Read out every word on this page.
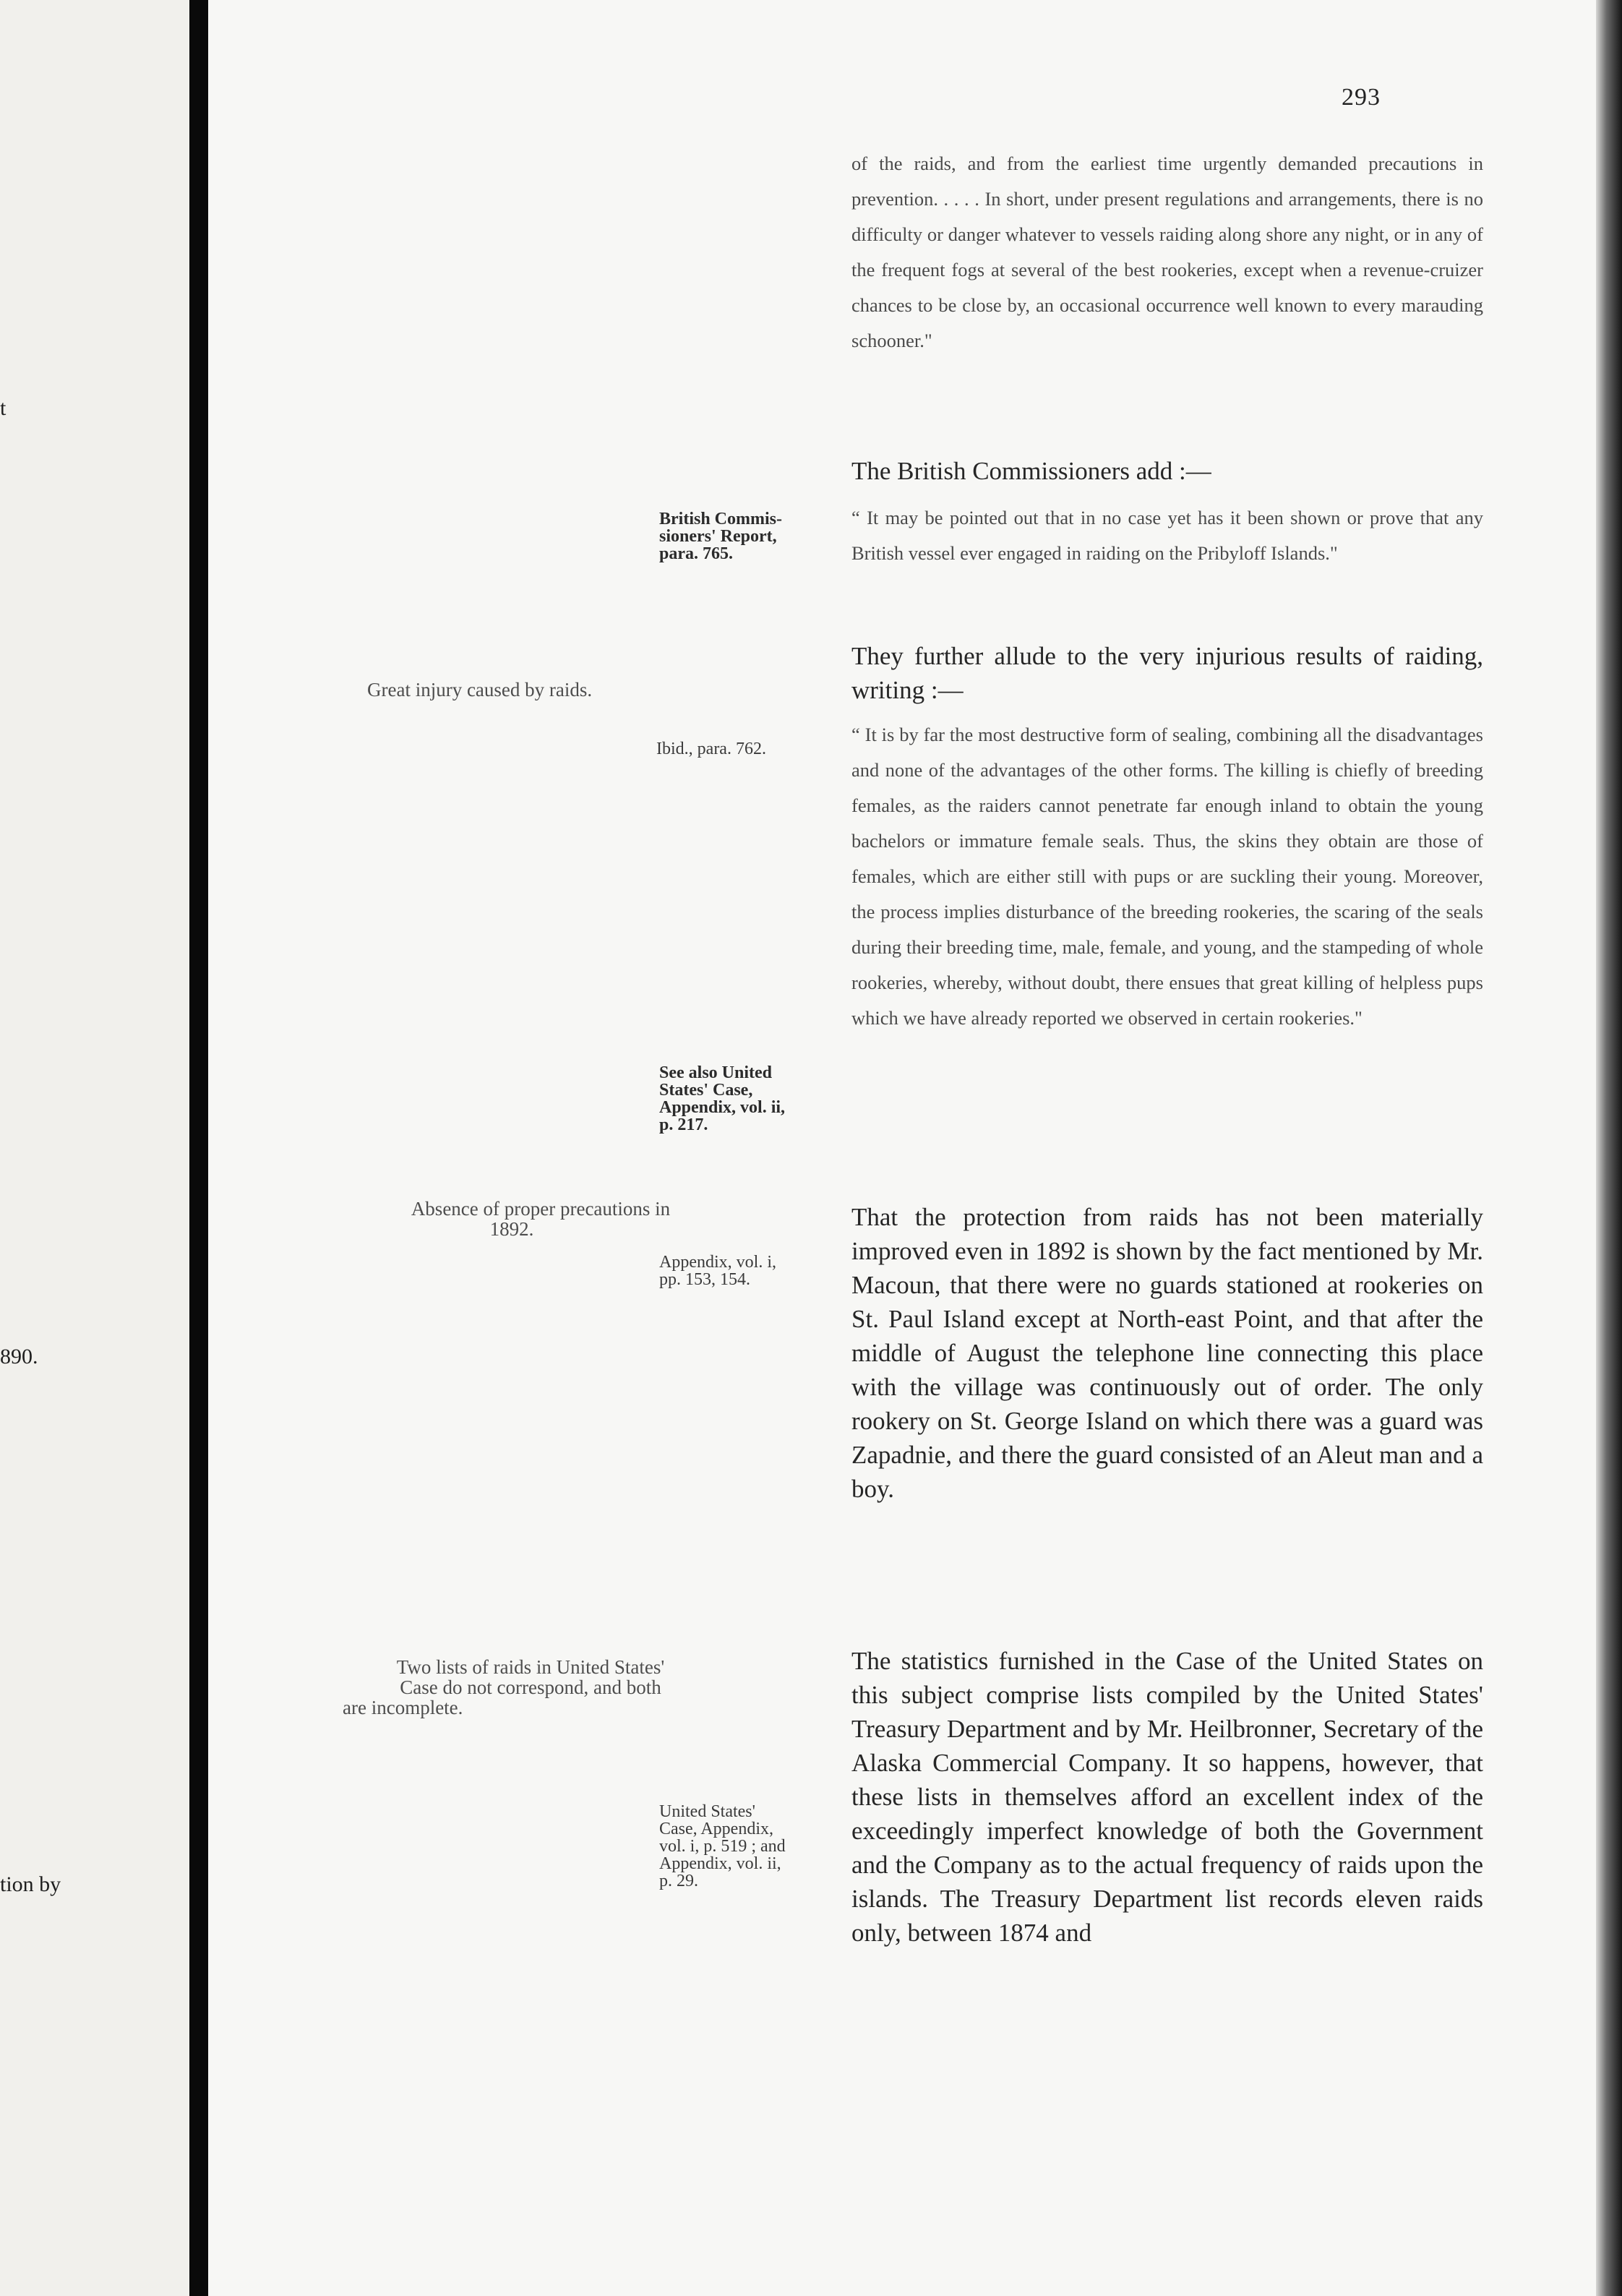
t
890.
tion by
293
of the raids, and from the earliest time urgently demanded precautions in prevention. . . . . In short, under present regulations and arrangements, there is no difficulty or danger whatever to vessels raiding along shore any night, or in any of the frequent fogs at several of the best rookeries, except when a revenue-cruizer chances to be close by, an occasional occurrence well known to every marauding schooner."
The British Commissioners add :—
“ It may be pointed out that in no case yet has it been shown or prove that any British vessel ever engaged in raiding on the Pribyloff Islands."
They further allude to the very injurious results of raiding, writing :—
“ It is by far the most destructive form of sealing, combining all the disadvantages and none of the advantages of the other forms. The killing is chiefly of breeding females, as the raiders cannot penetrate far enough inland to obtain the young bachelors or immature female seals. Thus, the skins they obtain are those of females, which are either still with pups or are suckling their young. Moreover, the process implies disturbance of the breeding rookeries, the scaring of the seals during their breeding time, male, female, and young, and the stampeding of whole rookeries, whereby, without doubt, there ensues that great killing of helpless pups which we have already reported we observed in certain rookeries."
That the protection from raids has not been materially improved even in 1892 is shown by the fact mentioned by Mr. Macoun, that there were no guards stationed at rookeries on St. Paul Island except at North-east Point, and that after the middle of August the telephone line connecting this place with the village was continuously out of order. The only rookery on St. George Island on which there was a guard was Zapadnie, and there the guard consisted of an Aleut man and a boy.
The statistics furnished in the Case of the United States on this subject comprise lists compiled by the United States' Treasury Department and by Mr. Heilbronner, Secretary of the Alaska Commercial Company. It so happens, however, that these lists in themselves afford an excellent index of the exceedingly imperfect knowledge of both the Government and the Company as to the actual frequency of raids upon the islands. The Treasury Department list records eleven raids only, between 1874 and
British Commis-
sioners' Report,
para. 765.
Great injury caused by raids.
Ibid., para. 762.
See also United
States' Case,
Appendix, vol. ii,
p. 217.
Absence of proper precautions in
1892.
Appendix, vol. i,
pp. 153, 154.
Two lists of raids in United States'
Case do not correspond, and both
are incomplete.
United States'
Case, Appendix,
vol. i, p. 519 ; and
Appendix, vol. ii,
p. 29.
